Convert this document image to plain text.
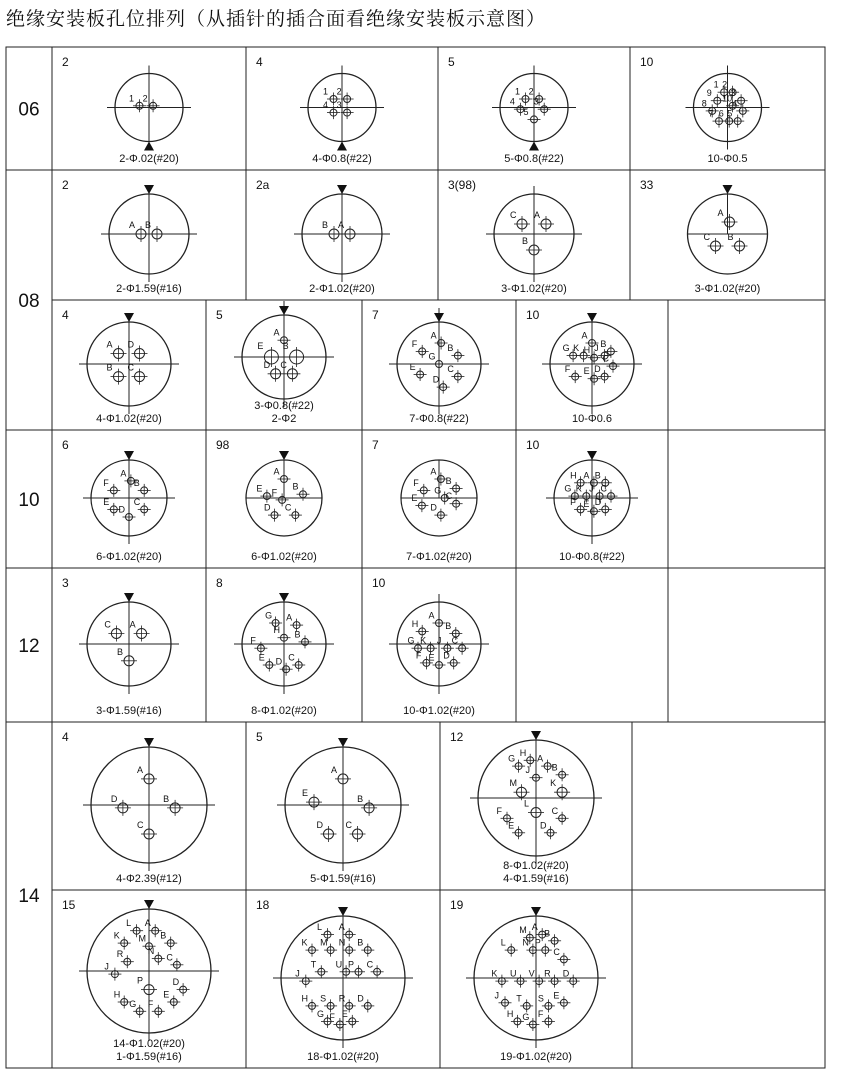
绝缘安装板孔位排列（从插针的插合面看绝缘安装板示意图）
06
2
1 2
2-Φ.02(#20)
4
1 2
3
4
4-Φ0.8(#22)
5
1 2
3
4
5
5-Φ0.8(#22)
10
1 2
3
4
5
6
7
8
9
10
10-Φ0.5
08
2
A B
2-Φ1.59(#16)
2a
B A
2-Φ1.02(#20)
3(98)
C A
B
3-Φ1.02(#20)
33
A
C B
3-Φ1.02(#20)
4
A D
B C
4-Φ1.02(#20)
5
A
E B
D C
3-Φ0.8(#22)
2-Φ2
7
A
F	B
G
E	C
D
7-Φ0.8(#22)
10
A
G K H J B
F E D
C
10-Φ0.6
10
6
A
F	B
E	C
D
6-Φ1.02(#20)
98
A
E F
B
D C
6-Φ1.02(#20)
7
A
B
G
F
C
E
D
7-Φ1.02(#20)
10
H A B
G K J C
F E D
10-Φ0.8(#22)
12
3
C A
B
3-Φ1.59(#16)
8
G A
H B
F
E	C
D
8-Φ1.02(#20)
10
A
H	B
G K J C
F E D
10-Φ1.02(#20)
14
4
A
D	B
C
4-Φ2.39(#12)
5
A
E
B
D	C
5-Φ1.59(#16)
12
H
G A
B
J
M	K
L
F	C
E	D
8-Φ1.02(#20)
4-Φ1.59(#16)
15
L A
K M B
N
R	C
J
P	D
H	E
G F
14-Φ1.02(#20)
1-Φ1.59(#16)
18
L A
K M N B
T U P C
J
H S R D
G F E
18-Φ1.02(#20)
19
M A
B
L N P
C
K U V R D
J T S E
H G F
19-Φ1.02(#20)
